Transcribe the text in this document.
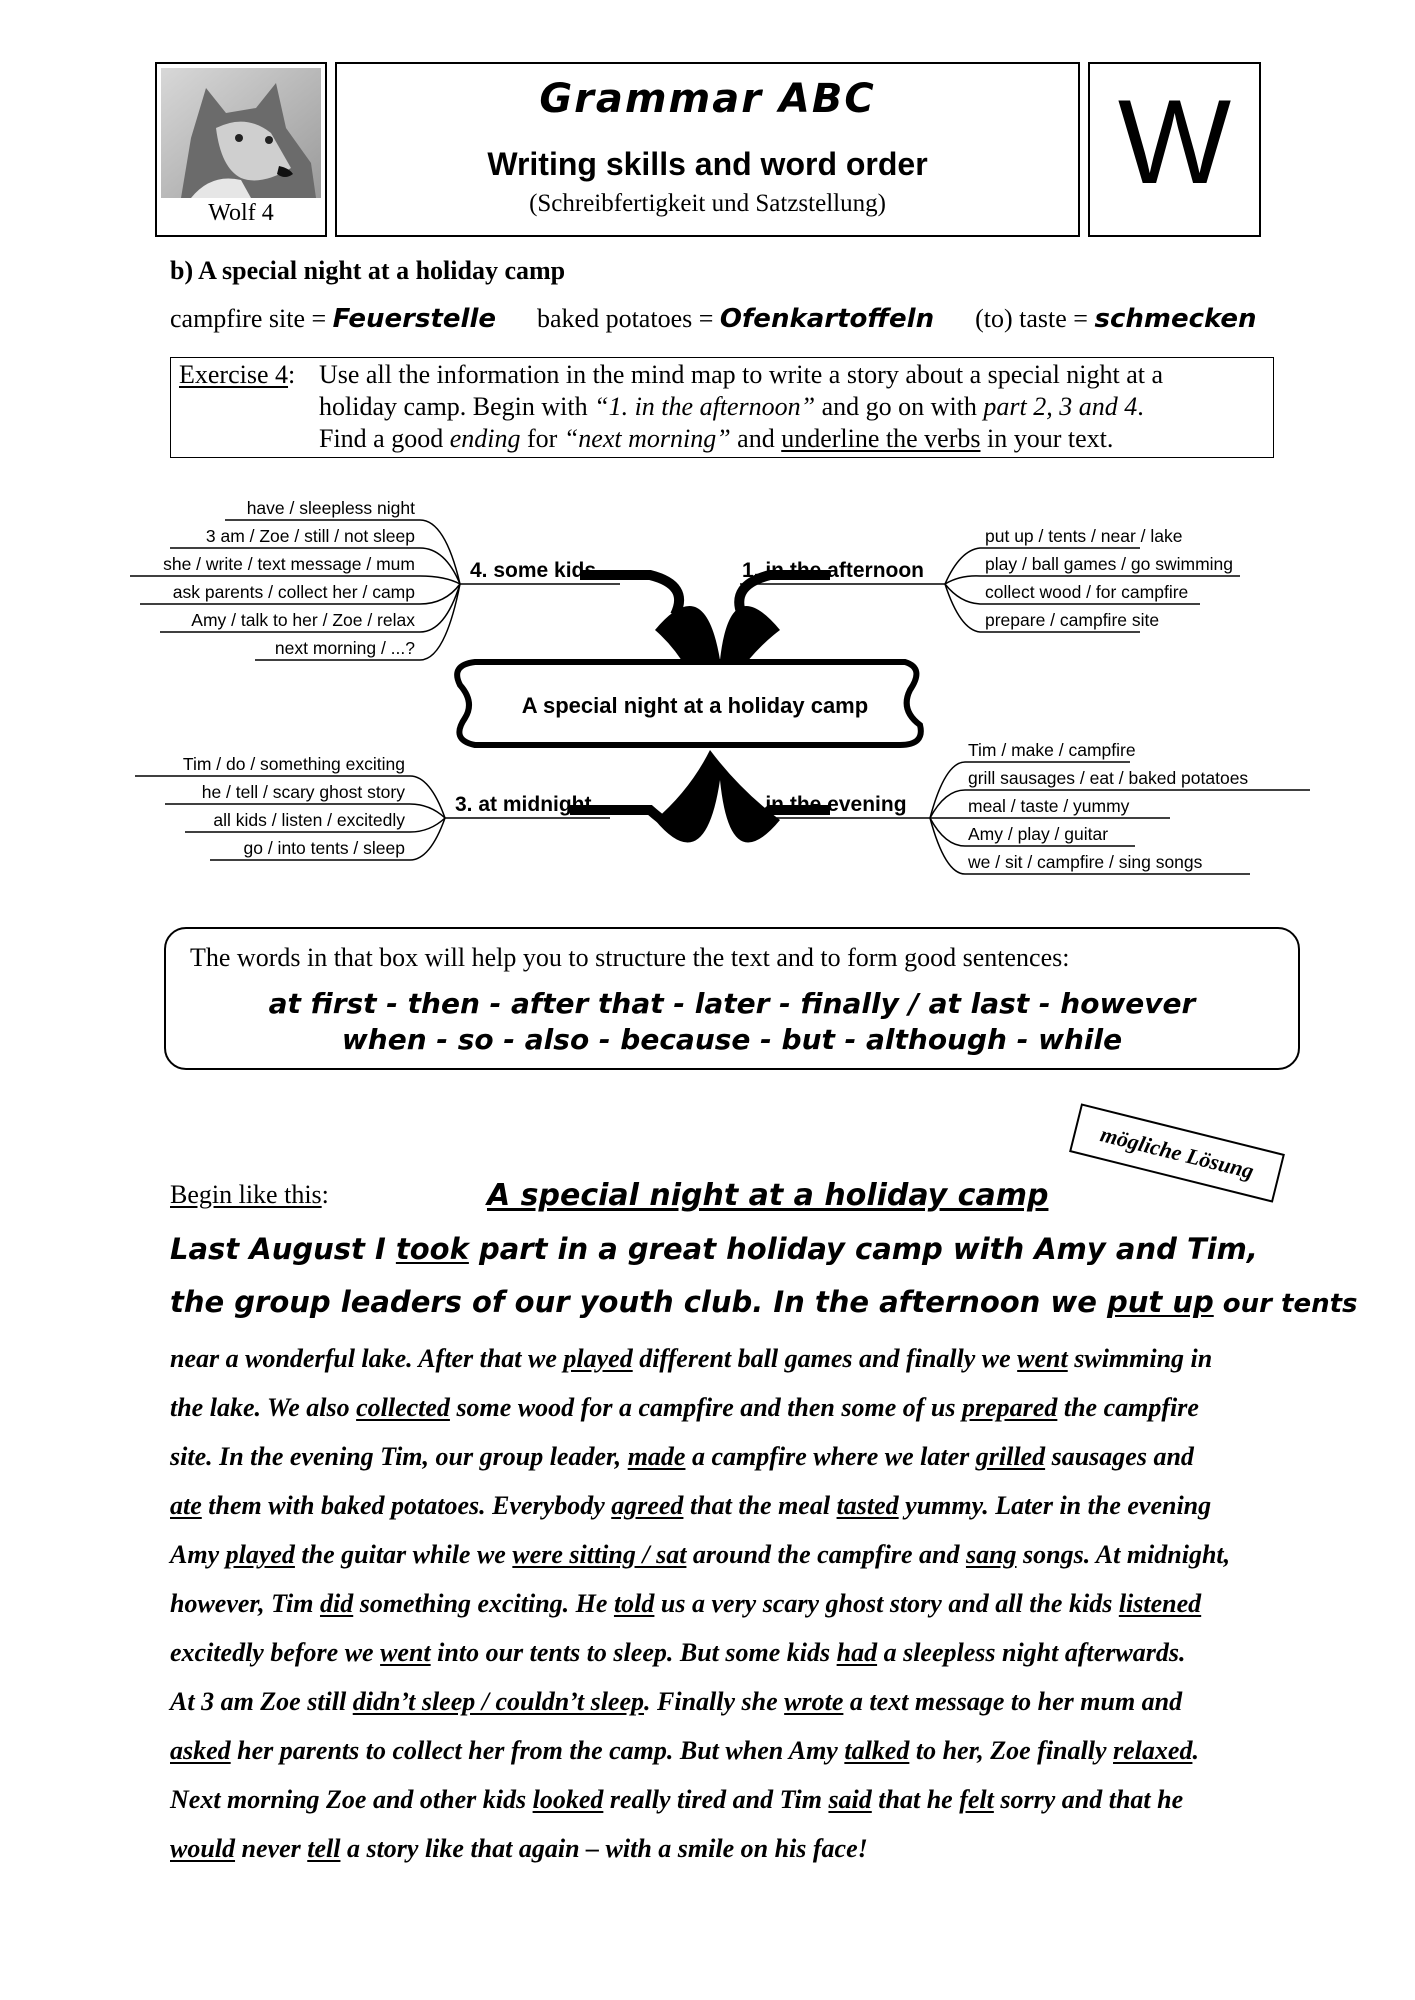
Wolf 4
Grammar ABC
Writing skills and word order
(Schreibfertigkeit und Satzstellung)	W
b) A special night at a holiday camp
campfire site = Feuerstelle baked potatoes = Ofenkartoffeln (to) taste = schmecken
Exercise 4: Use all the information in the mind map to write a story about a special night at a
holiday camp. Begin with “1. in the afternoon” and go on with part 2, 3 and 4.
Find a good ending for “next morning” and underline the verbs in your text.
A special night at a holiday camp
1. in the afternoon
put up / tents / near / lake
play / ball games / go swimming
collect wood / for campfire
prepare / campfire site
4. some kids
have / sleepless night
3 am / Zoe / still / not sleep
she / write / text message / mum
ask parents / collect her / camp
Amy / talk to her / Zoe / relax
next morning / ...?
2. in the evening
Tim / make / campfire
grill sausages / eat / baked potatoes
meal / taste / yummy
Amy / play / guitar
we / sit / campfire / sing songs
3. at midnight
Tim / do / something exciting
he / tell / scary ghost story
all kids / listen / excitedly
go / into tents / sleep
The words in that box will help you to structure the text and to form good sentences:
at first - then - after that - later - finally / at last - however
when - so - also - because - but - although - while
mögliche Lösung
Begin like this:	A special night at a holiday camp
Last August I took part in a great holiday camp with Amy and Tim,
the group leaders of our youth club. In the afternoon we put up our tents
near a wonderful lake. After that we played different ball games and finally we went swimming in
the lake. We also collected some wood for a campfire and then some of us prepared the campfire
site. In the evening Tim, our group leader, made a campfire where we later grilled sausages and
ate them with baked potatoes. Everybody agreed that the meal tasted yummy. Later in the evening
Amy played the guitar while we were sitting / sat around the campfire and sang songs. At midnight,
however, Tim did something exciting. He told us a very scary ghost story and all the kids listened
excitedly before we went into our tents to sleep. But some kids had a sleepless night afterwards.
At 3 am Zoe still didn’t sleep / couldn’t sleep. Finally she wrote a text message to her mum and
asked her parents to collect her from the camp. But when Amy talked to her, Zoe finally relaxed.
Next morning Zoe and other kids looked really tired and Tim said that he felt sorry and that he
would never tell a story like that again – with a smile on his face!
